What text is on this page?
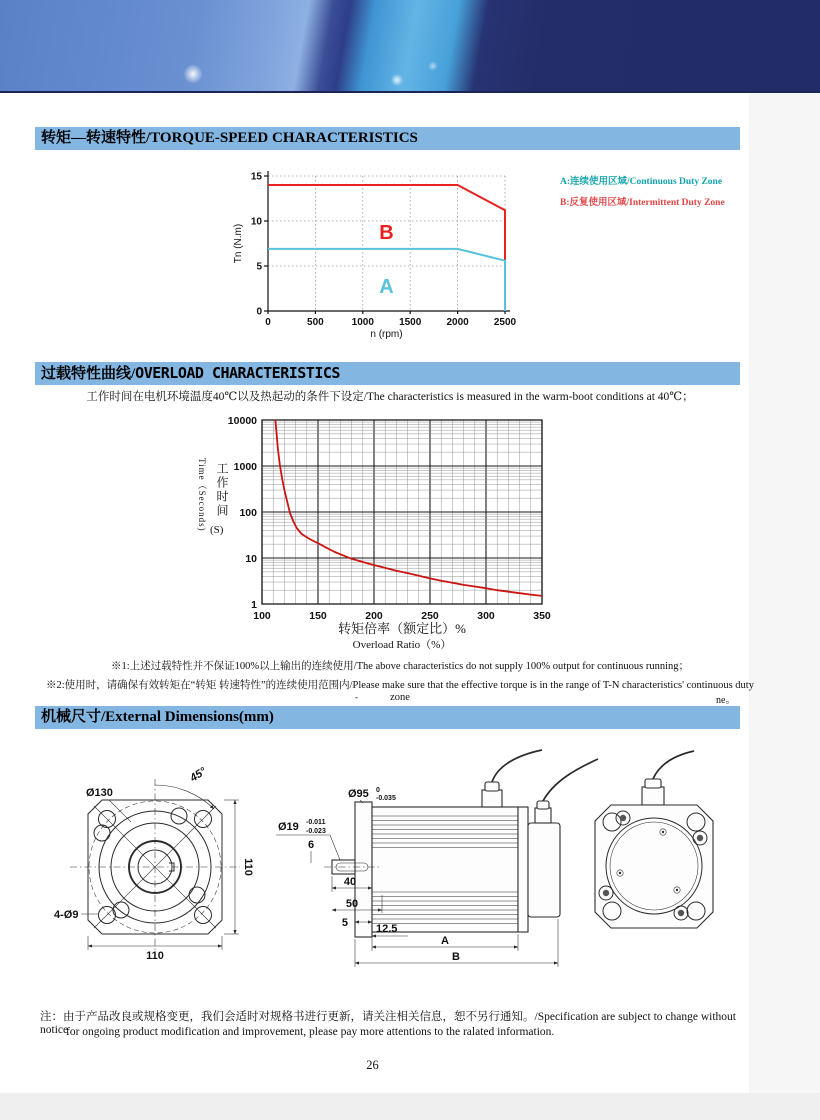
转矩—转速特性/TORQUE-SPEED CHARACTERISTICS
0	500	1000	1500	2000	2500
0
5
10
15
B
A
n (rpm)
Tn (N.m)
A:连续使用区域/Continuous Duty Zone
B:反复使用区域/Intermittent Duty Zone
过载特性曲线/OVERLOAD CHARACTERISTICS
工作时间在电机环境温度40℃以及热起动的条件下设定/The characteristics is measured in the warm-boot conditions at 40℃；
100	150	200	250	300	350
1
10
100
1000
10000
Time（Seconds) 工作时间
(S)
转矩倍率（额定比）%
Overload Ratio（%）
※1:上述过载特性并不保证100%以上输出的连续使用/The above characteristics do not supply 100% output for continuous running；
※2:使用时，请确保有效转矩在“转矩 转速特性”的连续使用范围内/Please make sure that the effective torque is in the range of T-N characteristics' continuous duty zone
-	ne。
机械尺寸/External Dimensions(mm)
45°
Ø130
4-Ø9
110
110
Ø95 0
-0.035
Ø19 -0.011
-0.023
6
40
50
5	12.5
A
B
注：由于产品改良或规格变更，我们会适时对规格书进行更新，请关注相关信息，恕不另行通知。/Specification are subject to change without notice
for ongoing product modification and improvement, please pay more attentions to the ralated information.
26
